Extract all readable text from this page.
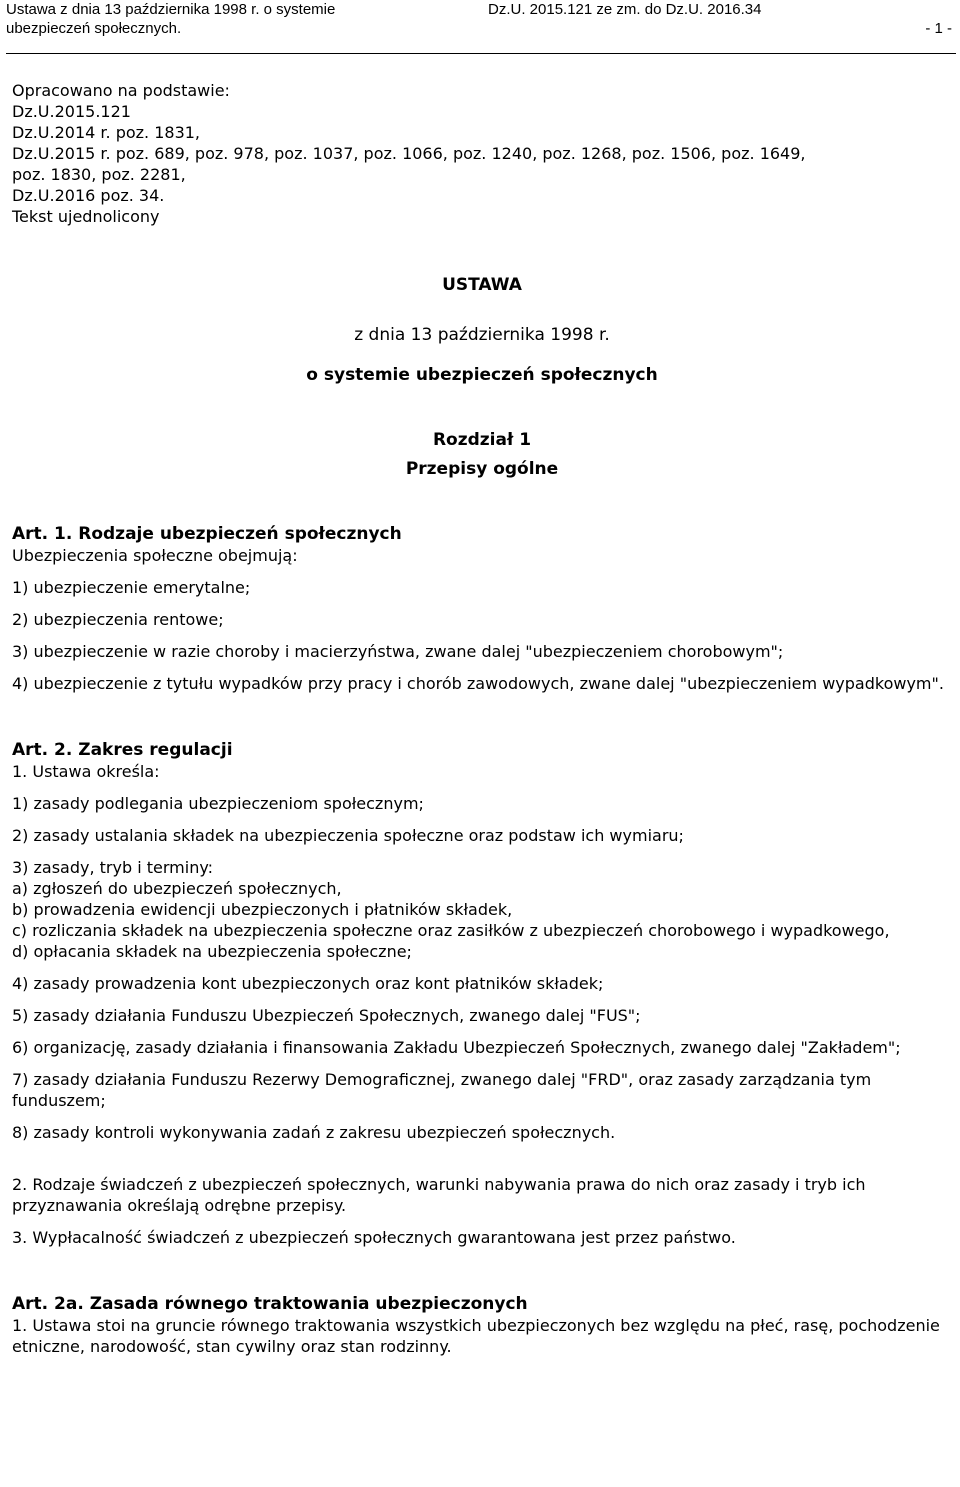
Ustawa z dnia 13 października 1998 r. o systemie ubezpieczeń społecznych.
Dz.U. 2015.121 ze zm. do Dz.U. 2016.34
- 1 -
Opracowano na podstawie:
Dz.U.2015.121
Dz.U.2014 r. poz. 1831,
Dz.U.2015 r. poz. 689, poz. 978, poz. 1037, poz. 1066, poz. 1240, poz. 1268, poz. 1506, poz. 1649,
poz. 1830, poz. 2281,
Dz.U.2016 poz. 34.
Tekst ujednolicony
USTAWA
z dnia 13 października 1998 r.
o systemie ubezpieczeń społecznych
Rozdział 1
Przepisy ogólne

Art. 1. Rodzaje ubezpieczeń społecznych

Ubezpieczenia społeczne obejmują:

1) ubezpieczenie emerytalne;

2) ubezpieczenia rentowe;

3) ubezpieczenie w razie choroby i macierzyństwa, zwane dalej "ubezpieczeniem chorobowym";

4) ubezpieczenie z tytułu wypadków przy pracy i chorób zawodowych, zwane dalej "ubezpieczeniem wypadkowym".

Art. 2. Zakres regulacji

1. Ustawa określa:

1) zasady podlegania ubezpieczeniom społecznym;

2) zasady ustalania składek na ubezpieczenia społeczne oraz podstaw ich wymiaru;

3) zasady, tryb i terminy:

a) zgłoszeń do ubezpieczeń społecznych,

b) prowadzenia ewidencji ubezpieczonych i płatników składek,

c) rozliczania składek na ubezpieczenia społeczne oraz zasiłków z ubezpieczeń chorobowego i wypadkowego,

d) opłacania składek na ubezpieczenia społeczne;

4) zasady prowadzenia kont ubezpieczonych oraz kont płatników składek;

5) zasady działania Funduszu Ubezpieczeń Społecznych, zwanego dalej "FUS";

6) organizację, zasady działania i finansowania Zakładu Ubezpieczeń Społecznych, zwanego dalej "Zakładem";

7) zasady działania Funduszu Rezerwy Demograficznej, zwanego dalej "FRD", oraz zasady zarządzania tym funduszem;

8) zasady kontroli wykonywania zadań z zakresu ubezpieczeń społecznych.

2. Rodzaje świadczeń z ubezpieczeń społecznych, warunki nabywania prawa do nich oraz zasady i tryb ich przyznawania określają odrębne przepisy.

3. Wypłacalność świadczeń z ubezpieczeń społecznych gwarantowana jest przez państwo.

Art. 2a. Zasada równego traktowania ubezpieczonych

1. Ustawa stoi na gruncie równego traktowania wszystkich ubezpieczonych bez względu na płeć, rasę, pochodzenie etniczne, narodowość, stan cywilny oraz stan rodzinny.
